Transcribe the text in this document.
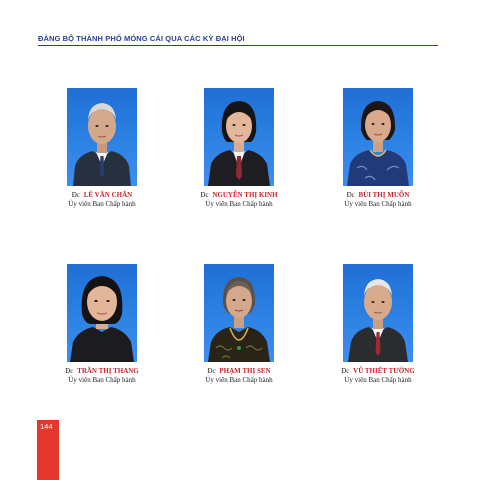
ĐẢNG BỘ THÀNH PHỐ MÓNG CÁI QUA CÁC KỲ ĐẠI HỘI
Đc LÊ VĂN CHẮN
Ủy viên Ban Chấp hành
Đc NGUYỄN THỊ KINH
Ủy viên Ban Chấp hành
Đc BÙI THỊ MUỖN
Ủy viên Ban Chấp hành
Đc TRẦN THỊ THANG
Ủy viên Ban Chấp hành
Đc PHẠM THỊ SEN
Ủy viên Ban Chấp hành
Đc VŨ THIẾT TƯỜNG
Ủy viên Ban Chấp hành
144
